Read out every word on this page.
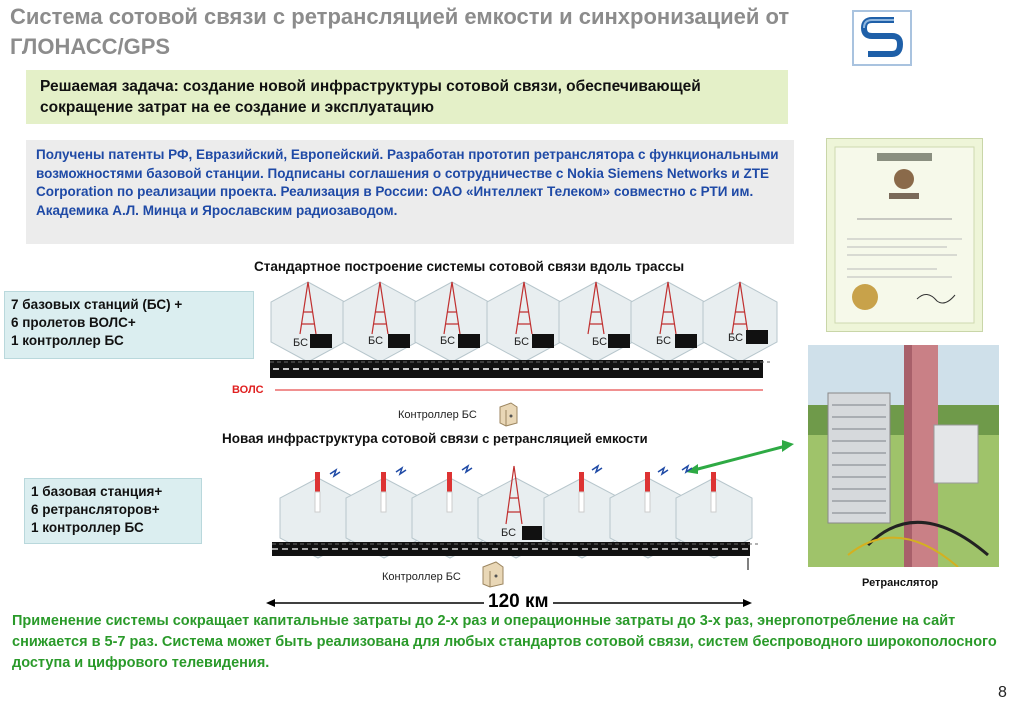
Система сотовой связи с ретрансляцией емкости и синхронизацией от ГЛОНАСС/GPS
Решаемая задача: создание новой инфраструктуры сотовой связи, обеспечивающей сокращение затрат на ее создание и эксплуатацию
Получены патенты РФ, Евразийский, Европейский. Разработан прототип ретранслятора с функциональными возможностями базовой станции. Подписаны соглашения о сотрудничестве с Nokia Siemens Networks и ZTE Corporation по реализации проекта. Реализация в России: ОАО «Интеллект Телеком» совместно с РТИ им. Академика А.Л. Минца и Ярославским радиозаводом.
Стандартное построение системы сотовой связи вдоль трассы
7 базовых станций (БС) +
6 пролетов ВОЛС+
1 контроллер БС	БС	БС	БС	БС	БС	БС	БС
ВОЛС
Контроллер БС
Новая инфраструктура сотовой связи с ретрансляцией емкости
1 базовая станция+
6 ретрансляторов+
1 контроллер БС	БС
Контроллер БС
120 км
Ретранслятор
Применение системы сокращает капитальные затраты до 2-х раз и операционные затраты до 3-х раз, энергопотребление на сайт снижается в 5-7 раз. Система может быть реализована для любых стандартов сотовой связи, систем беспроводного широкополосного доступа и цифрового телевидения.
8
